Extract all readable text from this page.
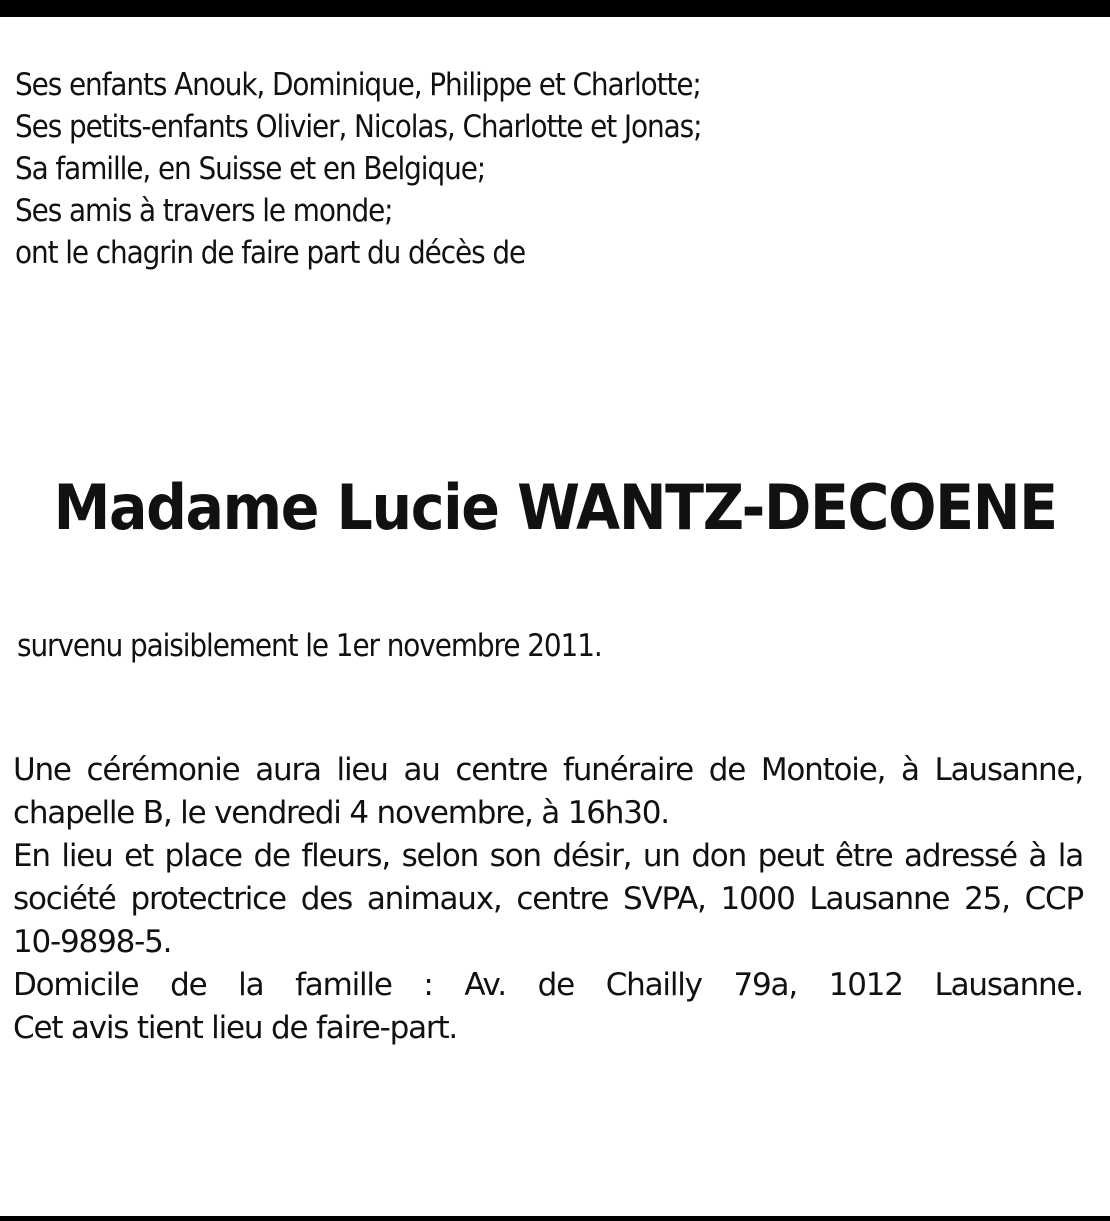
Ses enfants Anouk, Dominique, Philippe et Charlotte;
Ses petits-enfants Olivier, Nicolas, Charlotte et Jonas;
Sa famille, en Suisse et en Belgique;
Ses amis à travers le monde;
ont le chagrin de faire part du décès de
Madame Lucie WANTZ-DECOENE
survenu paisiblement le 1er novembre 2011.
Une cérémonie aura lieu au centre funéraire de Montoie, à Lausanne, chapelle B, le vendredi 4 novembre, à 16h30.
En lieu et place de fleurs, selon son désir, un don peut être adressé à la société protectrice des animaux, centre SVPA, 1000 Lausanne 25, CCP 10-9898-5.
Domicile de la famille : Av. de Chailly 79a, 1012 Lausanne.
Cet avis tient lieu de faire-part.
